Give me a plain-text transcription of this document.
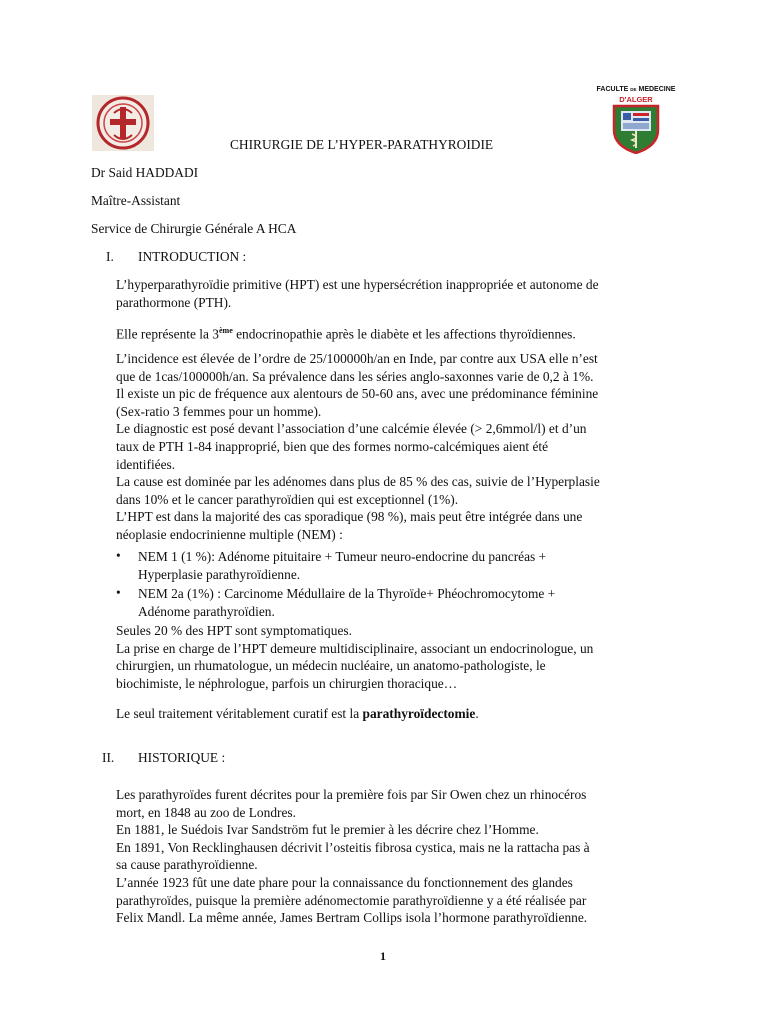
FACULTE DE MEDECINE
D'ALGER
CHIRURGIE DE L’HYPER-PARATHYROIDIE
Dr Said HADDADI
Maître-Assistant
Service de Chirurgie Générale A HCA
I. INTRODUCTION :
L’hyperparathyroïdie primitive (HPT) est une hypersécrétion inappropriée et autonome de
parathormone (PTH).
Elle représente la 3ème endocrinopathie après le diabète et les affections thyroïdiennes.
L’incidence est élevée de l’ordre de 25/100000h/an en Inde, par contre aux USA elle n’est
que de 1cas/100000h/an. Sa prévalence dans les séries anglo-saxonnes varie de 0,2 à 1%.
Il existe un pic de fréquence aux alentours de 50-60 ans, avec une prédominance féminine
(Sex-ratio 3 femmes pour un homme).
Le diagnostic est posé devant l’association d’une calcémie élevée (> 2,6mmol/l) et d’un
taux de PTH 1-84 inapproprié, bien que des formes normo-calcémiques aient été
identifiées.
La cause est dominée par les adénomes dans plus de 85 % des cas, suivie de l’Hyperplasie
dans 10% et le cancer parathyroïdien qui est exceptionnel (1%).
L’HPT est dans la majorité des cas sporadique (98 %), mais peut être intégrée dans une
néoplasie endocrinienne multiple (NEM) :
• NEM 1 (1 %): Adénome pituitaire + Tumeur neuro-endocrine du pancréas +
Hyperplasie parathyroïdienne.
• NEM 2a (1%) : Carcinome Médullaire de la Thyroïde+ Phéochromocytome +
Adénome parathyroïdien.
Seules 20 % des HPT sont symptomatiques.
La prise en charge de l’HPT demeure multidisciplinaire, associant un endocrinologue, un
chirurgien, un rhumatologue, un médecin nucléaire, un anatomo-pathologiste, le
biochimiste, le néphrologue, parfois un chirurgien thoracique…
Le seul traitement véritablement curatif est la parathyroïdectomie.
II. HISTORIQUE :
Les parathyroïdes furent décrites pour la première fois par Sir Owen chez un rhinocéros
mort, en 1848 au zoo de Londres.
En 1881, le Suédois Ivar Sandström fut le premier à les décrire chez l’Homme.
En 1891, Von Recklinghausen décrivit l’osteitis fibrosa cystica, mais ne la rattacha pas à
sa cause parathyroïdienne.
L’année 1923 fût une date phare pour la connaissance du fonctionnement des glandes
parathyroïdes, puisque la première adénomectomie parathyroïdienne y a été réalisée par
Felix Mandl. La même année, James Bertram Collips isola l’hormone parathyroïdienne.
1
